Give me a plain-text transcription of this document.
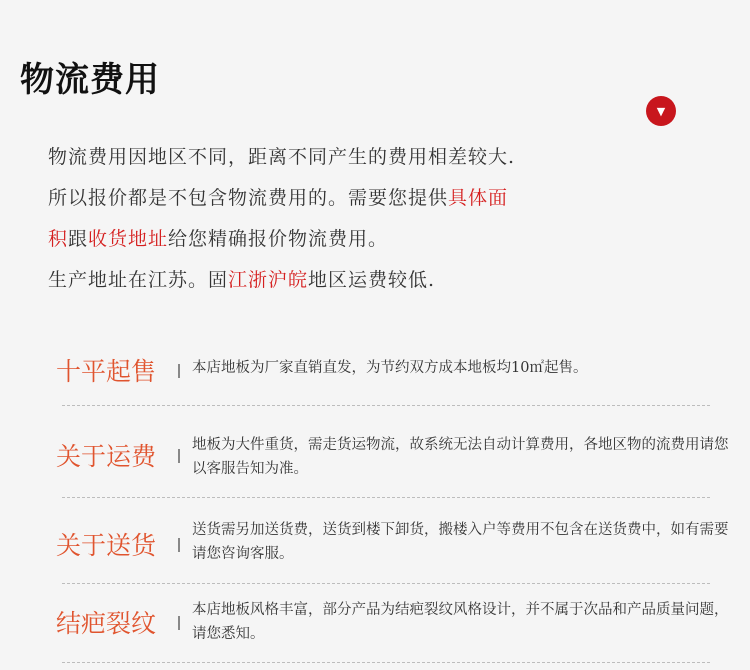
物流费用
▼
物流费用因地区不同，距离不同产生的费用相差较大.
所以报价都是不包含物流费用的。需要您提供具体面
积跟收货地址给您精确报价物流费用。
生产地址在江苏。固江浙沪皖地区运费较低.
十平起售 本店地板为厂家直销直发，为节约双方成本地板均10㎡起售。
关于运费 地板为大件重货，需走货运物流，故系统无法自动计算费用，各地区物的流费用请您以客服告知为准。
关于送货
送货需另加送货费，送货到楼下卸货，搬楼入户等费用不包含在送货费中，如有需要请您咨询客服。
结疤裂纹 本店地板风格丰富，部分产品为结疤裂纹风格设计，并不属于次品和产品质量问题，请您悉知。
